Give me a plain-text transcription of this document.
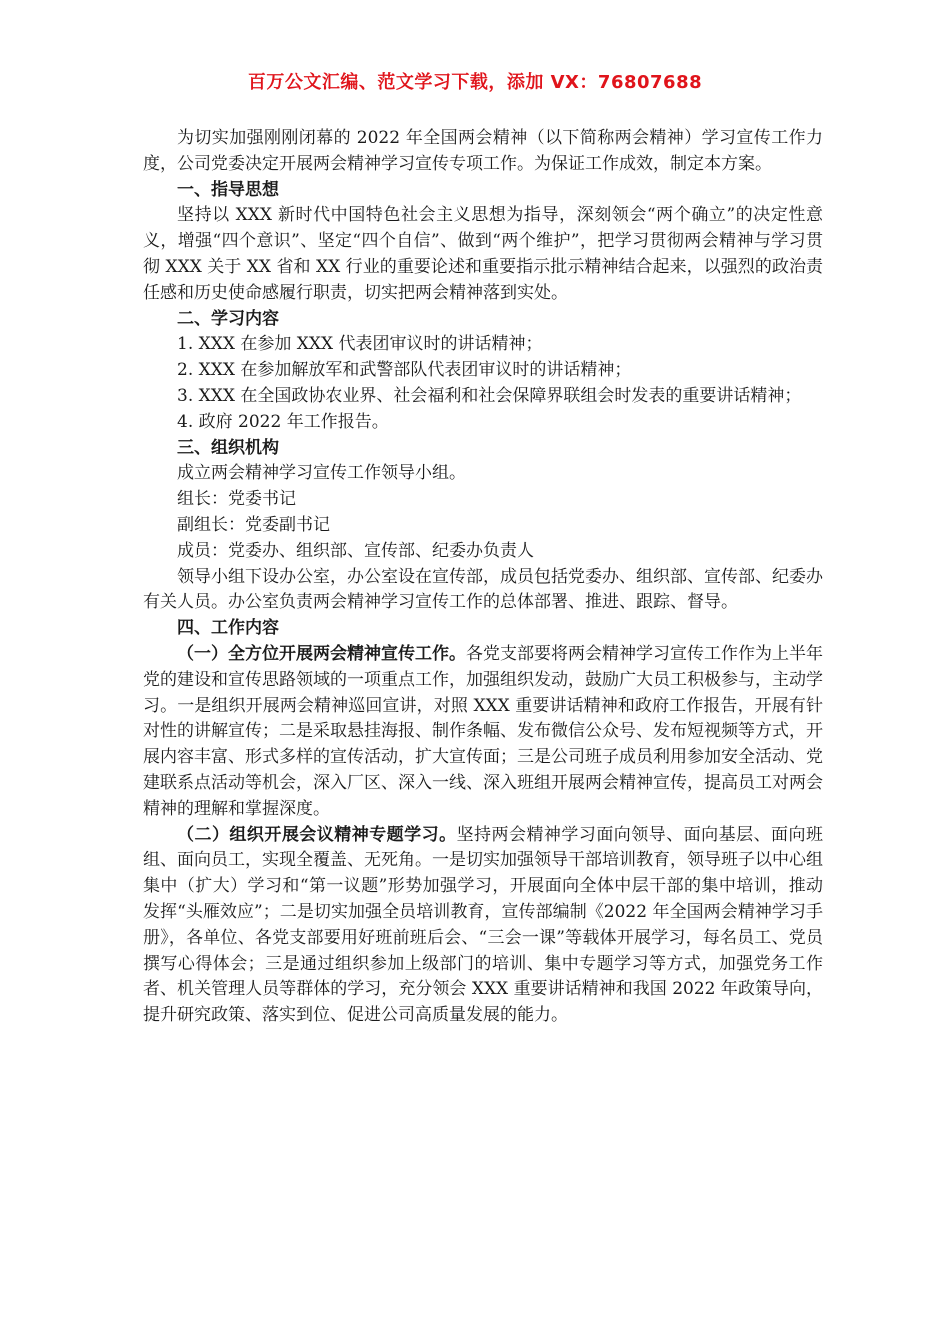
百万公文汇编、范文学习下载，添加 VX：76807688

为切实加强刚刚闭幕的 2022 年全国两会精神（以下简称两会精神）学习宣传工作力度，公司党委决定开展两会精神学习宣传专项工作。为保证工作成效，制定本方案。

一、指导思想

坚持以 XXX 新时代中国特色社会主义思想为指导，深刻领会“两个确立”的决定性意义，增强“四个意识”、坚定“四个自信”、做到“两个维护”，把学习贯彻两会精神与学习贯彻 XXX 关于 XX 省和 XX 行业的重要论述和重要指示批示精神结合起来，以强烈的政治责任感和历史使命感履行职责，切实把两会精神落到实处。

二、学习内容

1. XXX 在参加 XXX 代表团审议时的讲话精神；

2. XXX 在参加解放军和武警部队代表团审议时的讲话精神；

3. XXX 在全国政协农业界、社会福利和社会保障界联组会时发表的重要讲话精神；

4. 政府 2022 年工作报告。

三、组织机构

成立两会精神学习宣传工作领导小组。

组长：党委书记

副组长：党委副书记

成员：党委办、组织部、宣传部、纪委办负责人

领导小组下设办公室，办公室设在宣传部，成员包括党委办、组织部、宣传部、纪委办有关人员。办公室负责两会精神学习宣传工作的总体部署、推进、跟踪、督导。

四、工作内容

（一）全方位开展两会精神宣传工作。各党支部要将两会精神学习宣传工作作为上半年党的建设和宣传思路领域的一项重点工作，加强组织发动，鼓励广大员工积极参与，主动学习。一是组织开展两会精神巡回宣讲，对照 XXX 重要讲话精神和政府工作报告，开展有针对性的讲解宣传；二是采取悬挂海报、制作条幅、发布微信公众号、发布短视频等方式，开展内容丰富、形式多样的宣传活动，扩大宣传面；三是公司班子成员利用参加安全活动、党建联系点活动等机会，深入厂区、深入一线、深入班组开展两会精神宣传，提高员工对两会精神的理解和掌握深度。

（二）组织开展会议精神专题学习。坚持两会精神学习面向领导、面向基层、面向班组、面向员工，实现全覆盖、无死角。一是切实加强领导干部培训教育，领导班子以中心组集中（扩大）学习和“第一议题”形势加强学习，开展面向全体中层干部的集中培训，推动发挥“头雁效应”；二是切实加强全员培训教育，宣传部编制《2022 年全国两会精神学习手册》，各单位、各党支部要用好班前班后会、“三会一课”等载体开展学习，每名员工、党员撰写心得体会；三是通过组织参加上级部门的培训、集中专题学习等方式，加强党务工作者、机关管理人员等群体的学习，充分领会 XXX 重要讲话精神和我国 2022 年政策导向，提升研究政策、落实到位、促进公司高质量发展的能力。
